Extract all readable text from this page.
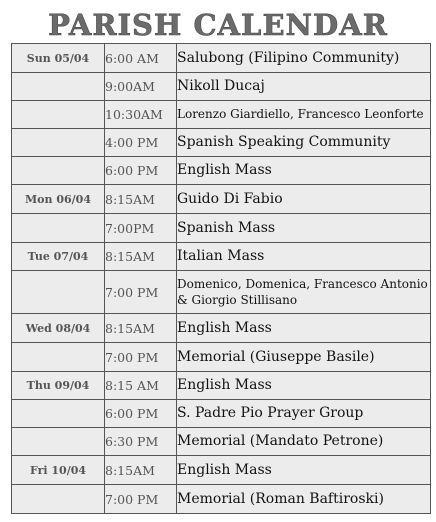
PARISH CALENDAR
Sun 05/04	6:00 AM	Salubong (Filipino Community)
	9:00AM	Nikoll Ducaj
	10:30AM	Lorenzo Giardiello, Francesco Leonforte
	4:00 PM	Spanish Speaking Community
	6:00 PM	English Mass
Mon 06/04	8:15AM	Guido Di Fabio
	7:00PM	Spanish Mass
Tue 07/04	8:15AM	Italian Mass
	7:00 PM	Domenico, Domenica, Francesco Antonio & Giorgio Stillisano
Wed 08/04	8:15AM	English Mass
	7:00 PM	Memorial (Giuseppe Basile)
Thu 09/04	8:15 AM	English Mass
	6:00 PM	S. Padre Pio Prayer Group
	6:30 PM	Memorial (Mandato Petrone)
Fri 10/04	8:15AM	English Mass
	7:00 PM	Memorial (Roman Baftiroski)
